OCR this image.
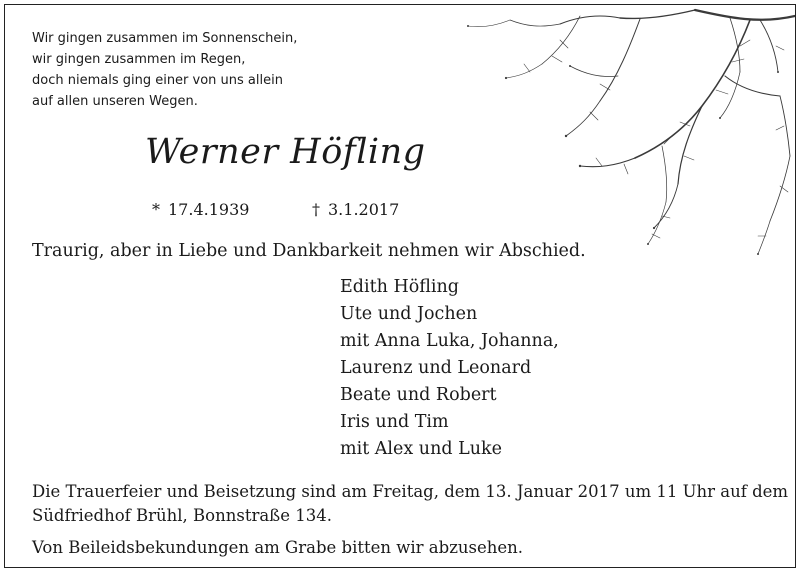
Wir gingen zusammen im Sonnenschein,
wir gingen zusammen im Regen,
doch niemals ging einer von uns allein
auf allen unseren Wegen.
Werner Höfling
* 17.4.1939	† 3.1.2017
Traurig, aber in Liebe und Dankbarkeit nehmen wir Abschied.
Edith Höfling
Ute und Jochen
mit Anna Luka, Johanna,
Laurenz und Leonard
Beate und Robert
Iris und Tim
mit Alex und Luke
Die Trauerfeier und Beisetzung sind am Freitag, dem 13. Januar 2017 um 11 Uhr auf dem
Südfriedhof Brühl, Bonnstraße 134.
Von Beileidsbekundungen am Grabe bitten wir abzusehen.
